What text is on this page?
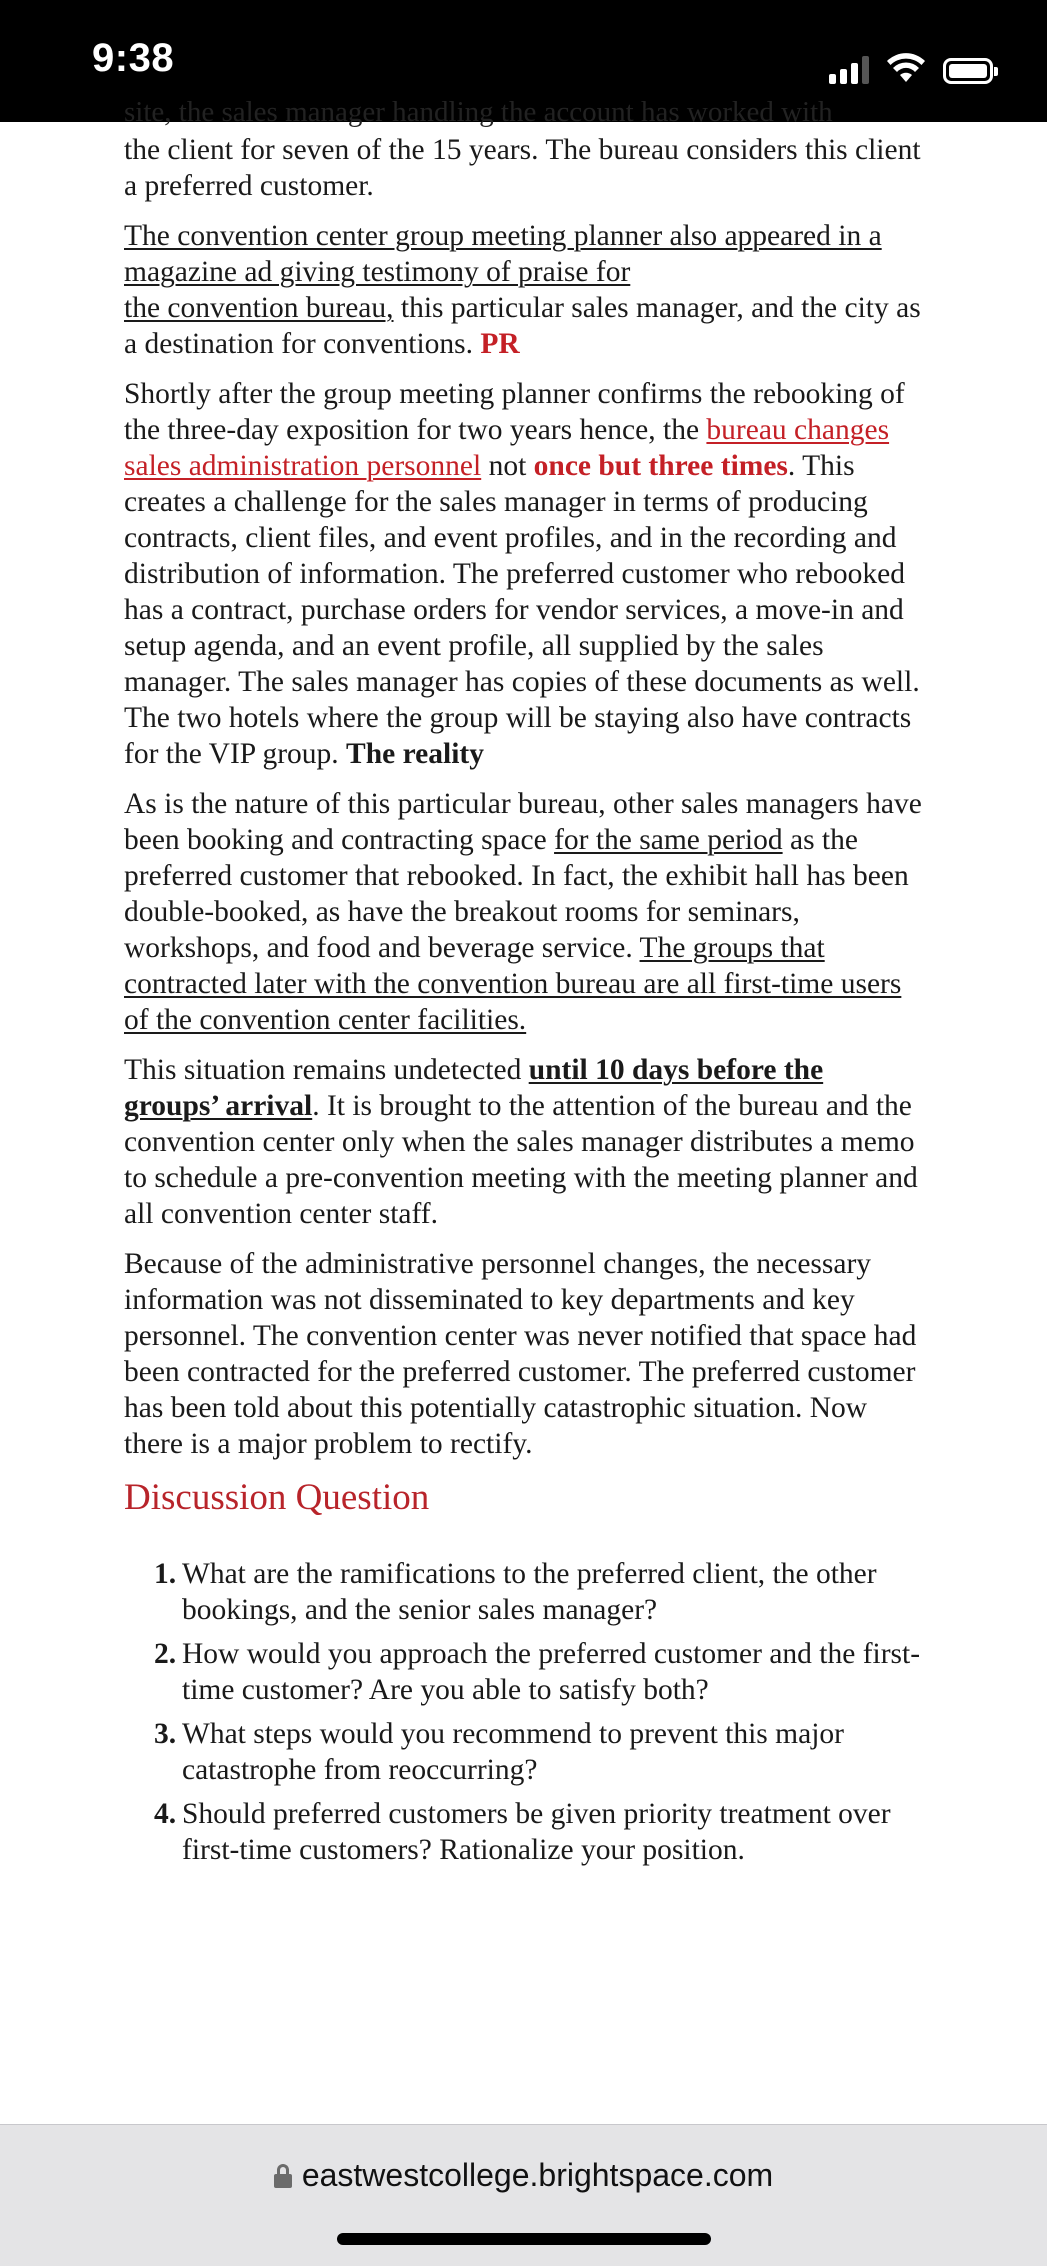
9:38
site, the sales manager handling the account has worked with

the client for seven of the 15 years. The bureau considers this client a preferred customer.

The convention center group meeting planner also appeared in a magazine ad giving testimony of praise for
the convention bureau, this particular sales manager, and the city as a destination for conventions. PR

Shortly after the group meeting planner confirms the rebooking of the three-day exposition for two years hence, the bureau changes sales administration personnel not once but three times. This creates a challenge for the sales manager in terms of producing contracts, client files, and event profiles, and in the recording and distribution of information. The preferred customer who rebooked has a contract, purchase orders for vendor services, a move-in and setup agenda, and an event profile, all supplied by the sales manager. The sales manager has copies of these documents as well. The two hotels where the group will be staying also have contracts for the VIP group. The reality

As is the nature of this particular bureau, other sales managers have been booking and contracting space for the same period as the preferred customer that rebooked. In fact, the exhibit hall has been double-booked, as have the breakout rooms for seminars, workshops, and food and beverage service. The groups that contracted later with the convention bureau are all first-time users of the convention center facilities.

This situation remains undetected until 10 days before the groups’ arrival. It is brought to the attention of the bureau and the convention center only when the sales manager distributes a memo to schedule a pre-convention meeting with the meeting planner and all convention center staff.

Because of the administrative personnel changes, the necessary information was not disseminated to key departments and key personnel. The convention center was never notified that space had been contracted for the preferred customer. The preferred customer has been told about this potentially catastrophic situation. Now there is a major problem to rectify.

Discussion Question
1. What are the ramifications to the preferred client, the other bookings, and the senior sales manager?
2. How would you approach the preferred customer and the first-time customer? Are you able to satisfy both?
3. What steps would you recommend to prevent this major catastrophe from reoccurring?
4. Should preferred customers be given priority treatment over first-time customers? Rationalize your position.
eastwestcollege.brightspace.com
